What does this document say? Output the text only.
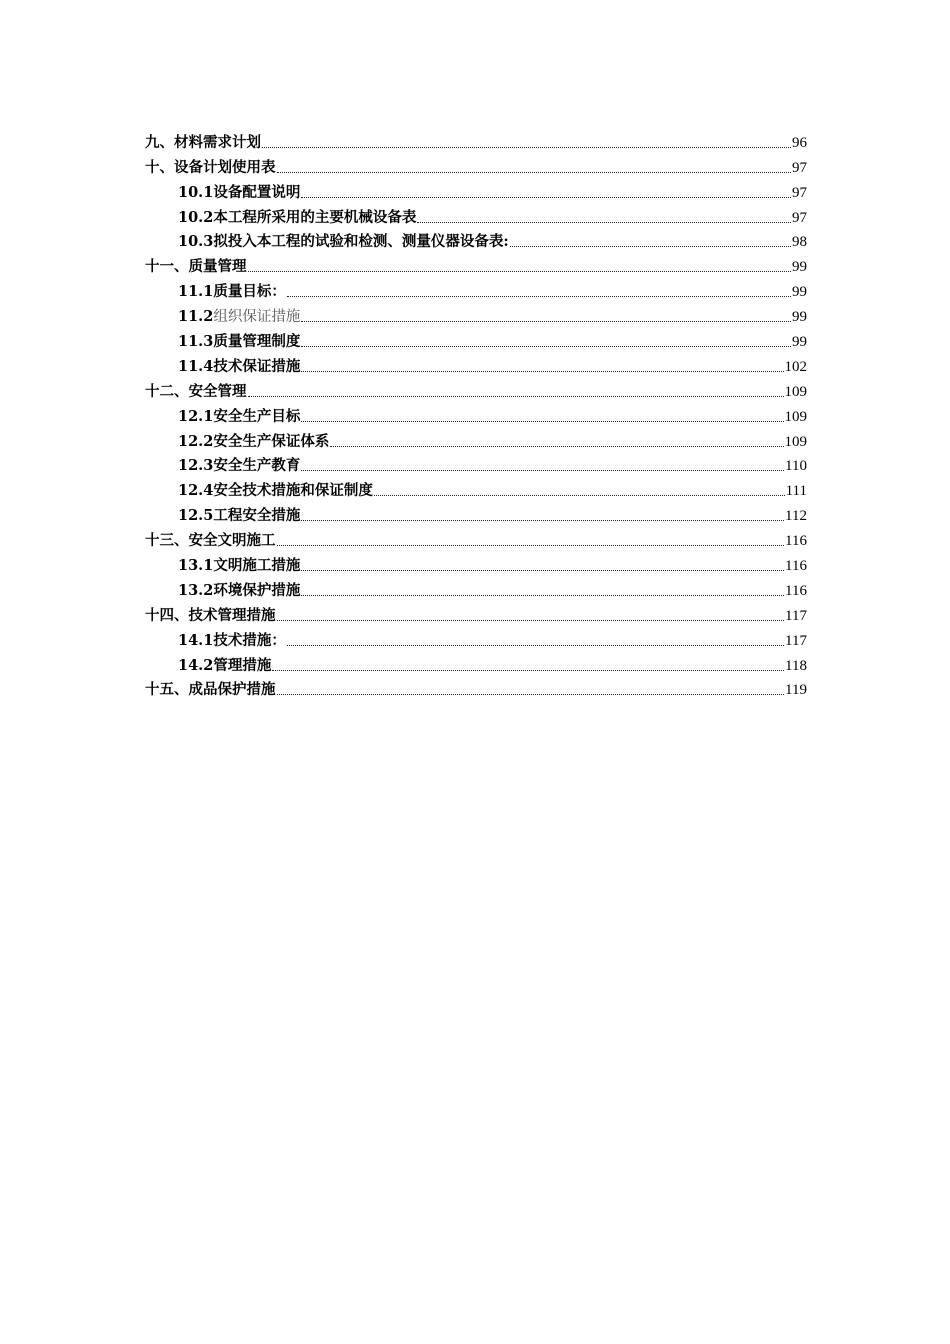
九、材料需求计划	96
十、设备计划使用表	97
10.1设备配置说明	97
10.2本工程所采用的主要机械设备表	97
10.3拟投入本工程的试验和检测、测量仪器设备表:	98
十一、质量管理	99
11.1质量目标：	99
11.2组织保证措施	99
11.3质量管理制度	99
11.4技术保证措施	102
十二、安全管理	109
12.1安全生产目标	109
12.2安全生产保证体系	109
12.3安全生产教育	110
12.4安全技术措施和保证制度	111
12.5工程安全措施	112
十三、安全文明施工	116
13.1文明施工措施	116
13.2环境保护措施	116
十四、技术管理措施	117
14.1技术措施：	117
14.2管理措施	118
十五、成品保护措施	119
